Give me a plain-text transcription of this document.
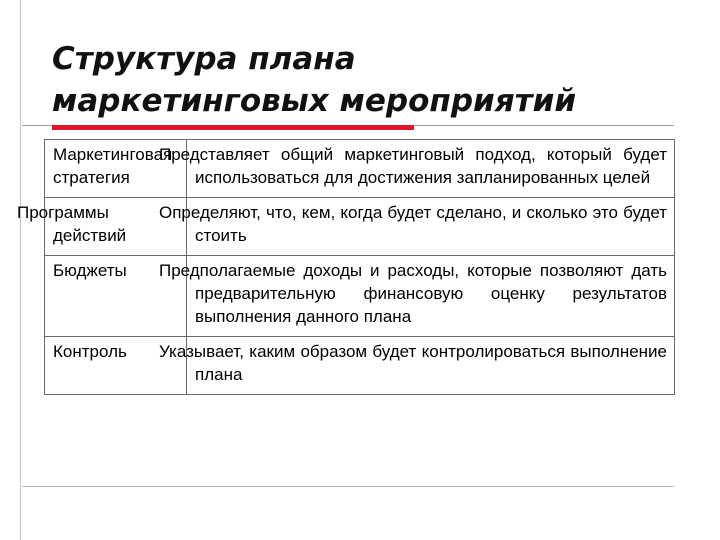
Структура плана
маркетинговых мероприятий
Маркетинговая стратегия	Представляет общий маркетинговый подход, который будет использоваться для достижения запланированных целей
Программы действий	Определяют, что, кем, когда будет сделано, и сколько это будет стоить
Бюджеты	Предполагаемые доходы и расходы, которые позволяют дать предварительную финансовую оценку результатов выполнения данного плана
Контроль	Указывает, каким образом будет контролироваться выполнение плана
